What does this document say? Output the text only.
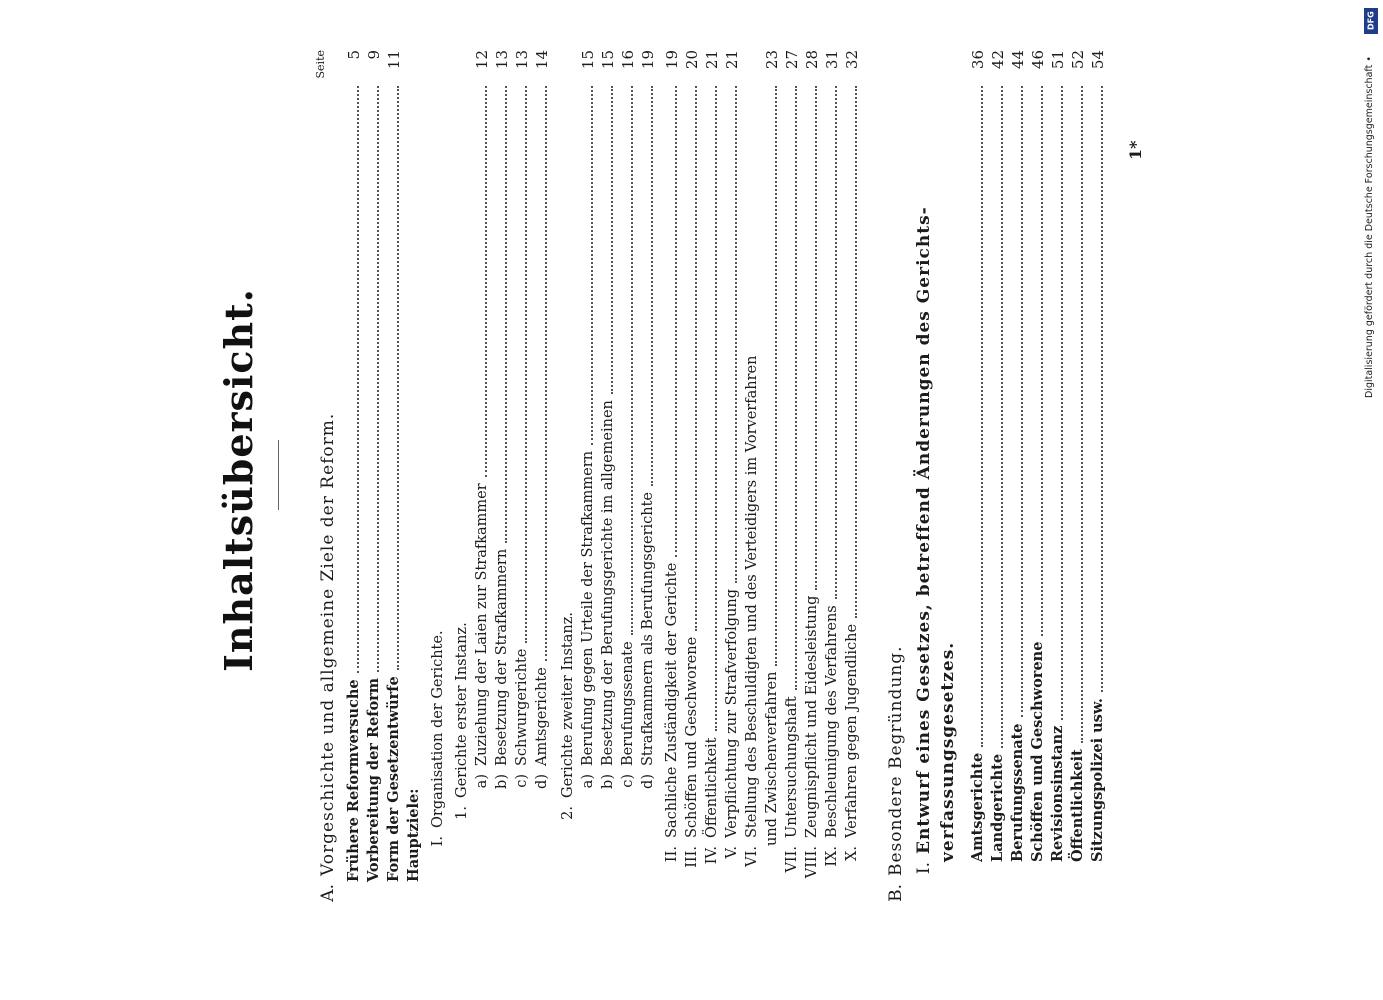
Inhaltsübersicht.
Seite
A.
Vorgeschichte und allgemeine Ziele der Reform. Frühere Reformversuche
5
Vorbereitung der Reform
9
Form der Gesetzentwürfe
11
Hauptziele: I.
Organisation der Gerichte. 1.
Gerichte erster Instanz. a)
Zuziehung der Laien zur Strafkammer
12
b)
Besetzung der Strafkammern
13
c)
Schwurgerichte
13
d)
Amtsgerichte
14
2.
Gerichte zweiter Instanz. a)
Berufung gegen Urteile der Strafkammern
15
b)
Besetzung der Berufungsgerichte im allgemeinen
15
c)
Berufungssenate
16
d)
Strafkammern als Berufungsgerichte
19
II.
Sachliche Zuständigkeit der Gerichte
19
III.
Schöffen und Geschworene
20
IV.
Öffentlichkeit
21
V.
Verpflichtung zur Strafverfolgung
21
VI.
Stellung des Beschuldigten und des Verteidigers im Vorverfahren und Zwischenverfahren
23
VII.
Untersuchungshaft
27
VIII.
Zeugnispflicht und Eidesleistung
28
IX.
Beschleunigung des Verfahrens
31
X.
Verfahren gegen Jugendliche
32
B.
Besondere Begründung. I.
Entwurf eines Gesetzes, betreffend Änderungen des Gerichts- verfassungsgesetzes. Amtsgerichte
36
Landgerichte
42
Berufungssenate
44
Schöffen und Geschworene
46
Revisionsinstanz
51
Öffentlichkeit
52
Sitzungspolizei usw.
54
1*
DFG
Digitalisierung gefördert durch die Deutsche Forschungsgemeinschaft •
